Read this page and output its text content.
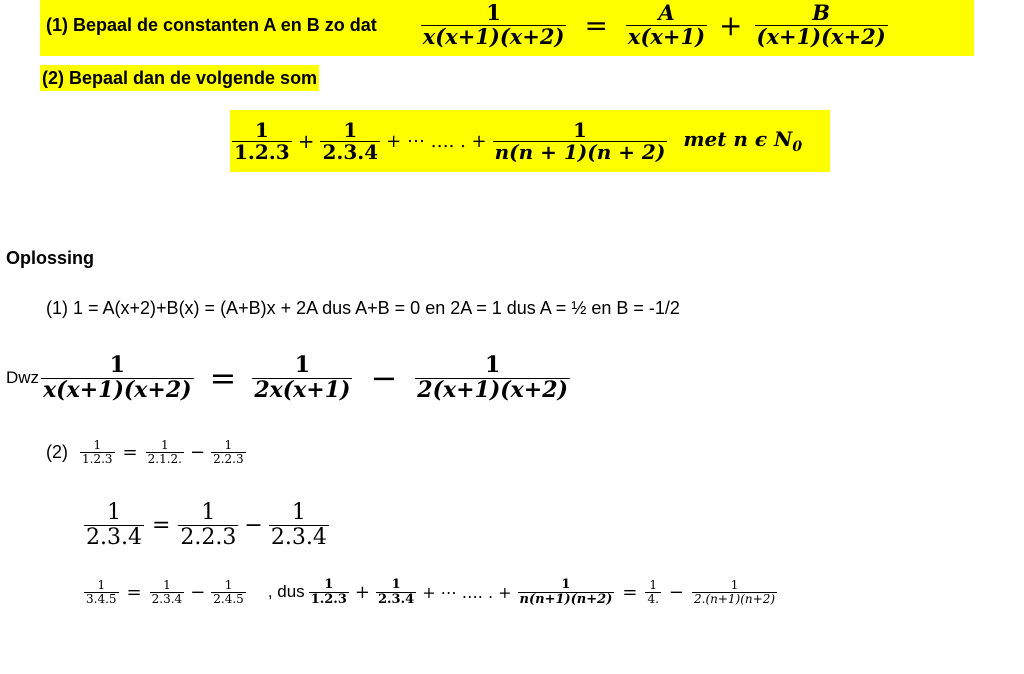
(1) Bepaal de constanten A en B zo dat $\frac{1}{x(x+1)(x+2)} = \frac{A}{x(x+1)} + \frac{B}{(x+1)(x+2)}$
(2) Bepaal dan de volgende som
$\frac{1}{1.2.3} + \frac{1}{2.3.4}$ + ⋯ …. . + $\frac{1}{n(n + 1)(n + 2)}$ met n ϵ $N_0$
Oplossing
(1) 1 = A(x+2)+B(x) = (A+B)x + 2A dus A+B = 0 en 2A = 1 dus A = ½ en B = -1/2
Dwz $\frac{1}{x(x+1)(x+2)} = \frac{1}{2x(x+1)} - \frac{1}{2(x+1)(x+2)}$
$(2) \frac{1}{1.2.3} = \frac{1}{2.1.2.} - \frac{1}{2.2.3}$
$\frac{1}{2.3.4} = \frac{1}{2.2.3} - \frac{1}{2.3.4}$
$\frac{1}{3.4.5} = \frac{1}{2.3.4} - \frac{1}{2.4.5}$ , dus $\frac{1}{1.2.3} + \frac{1}{2.3.4}$ + ⋯ …. . + $\frac{1}{n(n+1)(n+2)} = \frac{1}{4.} - \frac{1}{2.(n+1)(n+2)}$
